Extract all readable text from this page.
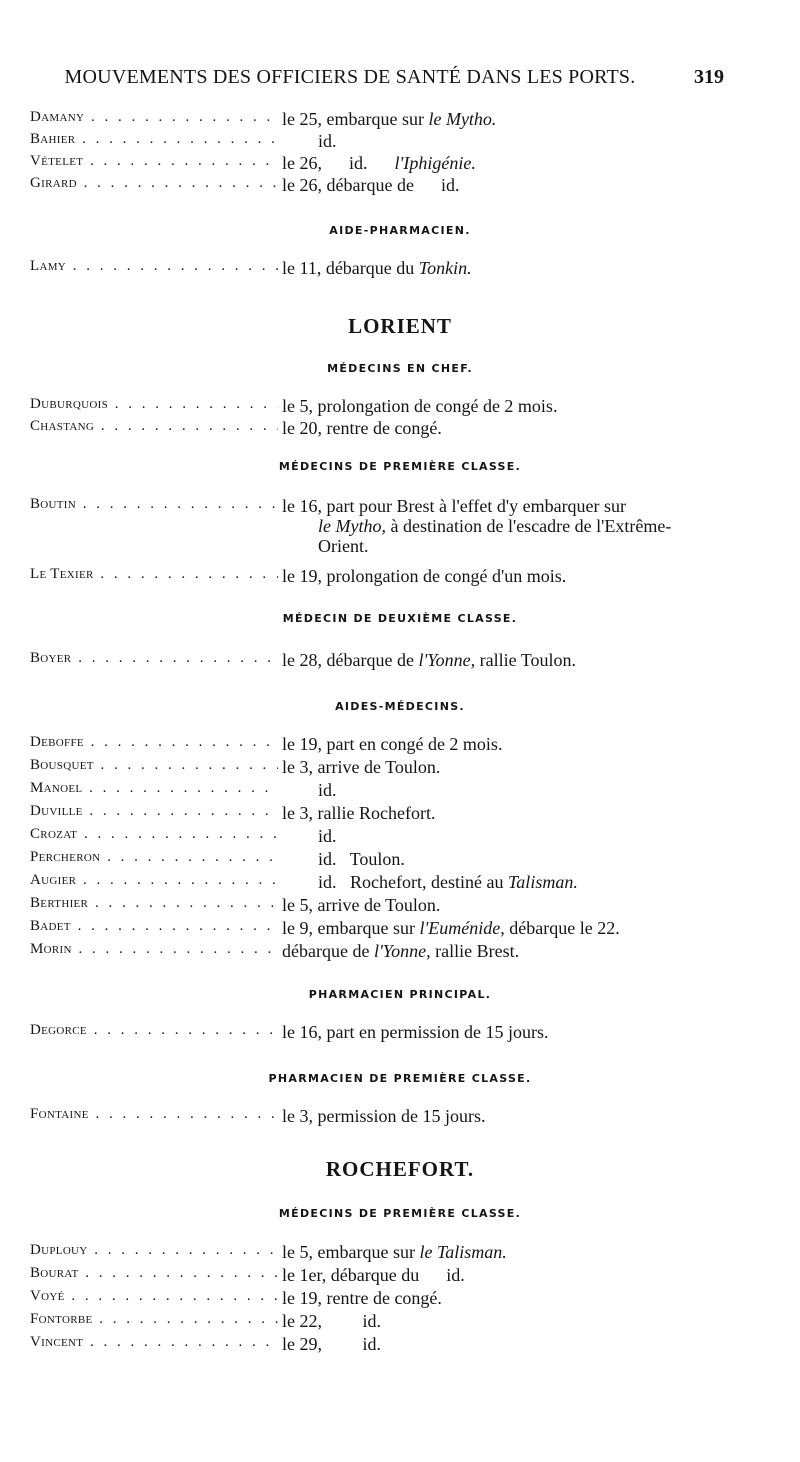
MOUVEMENTS DES OFFICIERS DE SANTÉ DANS LES PORTS.	319
Damany . . .	le 25, embarque sur le Mytho.
Bahier . . .	id.
Vételet . . .	le 26,      id.      l'Iphigénie.
Girard . . .	le 26, débarque de      id.
AIDE-PHARMACIEN.
Lamy . . .	le 11, débarque du Tonkin.
LORIENT
MÉDECINS EN CHEF.
Duburquois . . .	le 5, prolongation de congé de 2 mois.
Chastang . . .	le 20, rentre de congé.
MÉDECINS DE PREMIÈRE CLASSE.
Boutin . . .	le 16, part pour Brest à l'effet d'y embarquer sur
le Mytho, à destination de l'escadre de l'Extrême-
Orient.
Le Texier . . .	le 19, prolongation de congé d'un mois.
MÉDECIN DE DEUXIÈME CLASSE.
Boyer . . .	le 28, débarque de l'Yonne, rallie Toulon.
AIDES-MÉDECINS.
Deboffe . . .	le 19, part en congé de 2 mois.
Bousquet . . .	le 3, arrive de Toulon.
Manoel . . .	id.
Duville . . .	le 3, rallie Rochefort.
Crozat . . .	id.
Percheron . . .	id.   Toulon.
Augier . . .	id.   Rochefort, destiné au Talisman.
Berthier . . .	le 5, arrive de Toulon.
Badet . . .	le 9, embarque sur l'Euménide, débarque le 22.
Morin . . .	débarque de l'Yonne, rallie Brest.
PHARMACIEN PRINCIPAL.
Degorce . . .	le 16, part en permission de 15 jours.
PHARMACIEN DE PREMIÈRE CLASSE.
Fontaine . . .	le 3, permission de 15 jours.
ROCHEFORT.
MÉDECINS DE PREMIÈRE CLASSE.
Duplouy . . .	le 5, embarque sur le Talisman.
Bourat . . .	le 1er, débarque du      id.
Voyé . . .	le 19, rentre de congé.
Fontorbe . . .	le 22,         id.
Vincent . . .	le 29,         id.
